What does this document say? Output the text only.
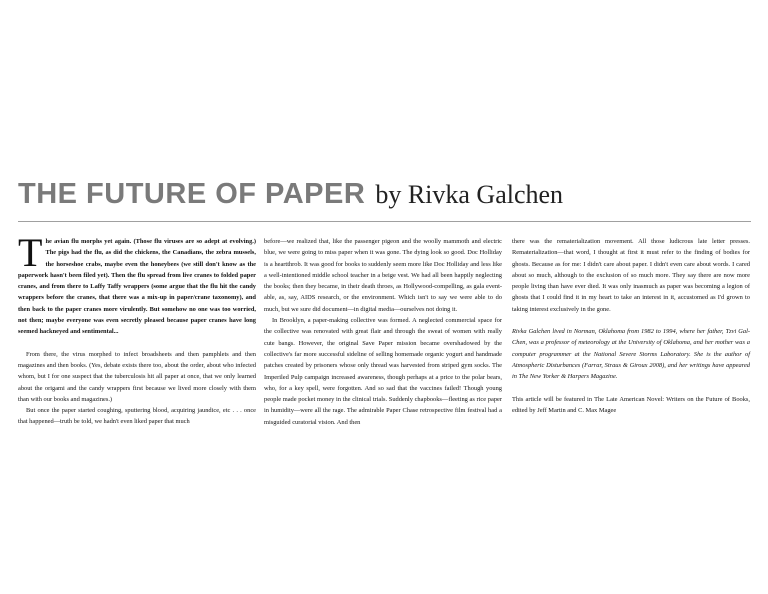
THE FUTURE OF PAPER by Rivka Galchen

The avian flu morphs yet again. (Those flu viruses are so adept at evolving.) The pigs had the flu, as did the chickens, the Canadians, the zebra mussels, the horseshoe crabs, maybe even the honeybees (we still don't know as the paperwork hasn't been filed yet). Then the flu spread from live cranes to folded paper cranes, and from there to Laffy Taffy wrappers (some argue that the flu hit the candy wrappers before the cranes, that there was a mix-up in paper/crane taxonomy), and then back to the paper cranes more virulently. But somehow no one was too worried, not then; maybe everyone was even secretly pleased because paper cranes have long seemed hackneyed and sentimental...

From there, the virus morphed to infect broadsheets and then pamphlets and then magazines and then books. (Yes, debate exists there too, about the order, about who infected whom, but I for one suspect that the tuberculosis hit all paper at once, that we only learned about the origami and the candy wrappers first because we lived more closely with them than with our books and magazines.)

But once the paper started coughing, sputtering blood, acquiring jaundice, etc . . . once that happened—truth be told, we hadn't even liked paper that much

before—we realized that, like the passenger pigeon and the woolly mammoth and electric blue, we were going to miss paper when it was gone. The dying look so good. Doc Holliday is a heartthrob. It was good for books to suddenly seem more like Doc Holliday and less like a well-intentioned middle school teacher in a beige vest. We had all been happily neglecting the books; then they became, in their death throes, as Hollywood-compelling, as gala event-able, as, say, AIDS research, or the environment. Which isn't to say we were able to do much, but we sure did document—in digital media—ourselves not doing it.

In Brooklyn, a paper-making collective was formed. A neglected commercial space for the collective was renovated with great flair and through the sweat of women with really cute bangs. However, the original Save Paper mission became overshadowed by the collective's far more successful sideline of selling homemade organic yogurt and handmade patches created by prisoners whose only thread was harvested from striped gym socks. The Imperiled Pulp campaign increased awareness, though perhaps at a price to the polar bears, who, for a key spell, were forgotten. And so sad that the vaccines failed! Though young people made pocket money in the clinical trials. Suddenly chapbooks—fleeting as rice paper in humidity—were all the rage. The admirable Paper Chase retrospective film festival had a misguided curatorial vision. And then

there was the rematerialization movement. All those ludicrous late letter presses. Rematerialization—that word, I thought at first it must refer to the finding of bodies for ghosts. Because as for me: I didn't care about paper. I didn't even care about words. I cared about so much, although to the exclusion of so much more. They say there are now more people living than have ever died. It was only inasmuch as paper was becoming a legion of ghosts that I could find it in my heart to take an interest in it, accustomed as I'd grown to taking interest exclusively in the gone.

Rivka Galchen lived in Norman, Oklahoma from 1982 to 1994, where her father, Tzvi Gal-Chen, was a professor of meteorology at the University of Oklahoma, and her mother was a computer programmer at the National Severe Storms Laboratory. She is the author of Atmospheric Disturbances (Farrar, Straus & Giroux 2008), and her writings have appeared in The New Yorker & Harpers Magazine.

This article will be featured in The Late American Novel: Writers on the Future of Books, edited by Jeff Martin and C. Max Magee
